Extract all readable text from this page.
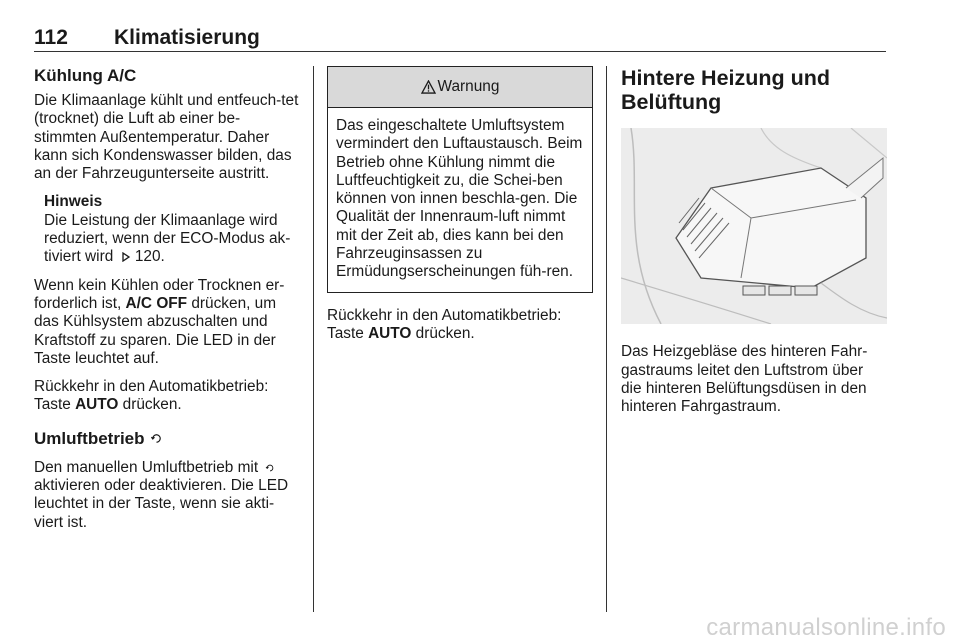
112 Klimatisierung
Kühlung A/C

Die Klimaanlage kühlt und entfeuch-tet (trocknet) die Luft ab einer be-stimmten Außentemperatur. Daher kann sich Kondenswasser bilden, das an der Fahrzeugunterseite austritt.

Hinweis

Die Leistung der Klimaanlage wird reduziert, wenn der ECO-Modus ak-tiviert wird  120.

Wenn kein Kühlen oder Trocknen er-forderlich ist, A/C OFF drücken, um das Kühlsystem abzuschalten und Kraftstoff zu sparen. Die LED in der Taste leuchtet auf.

Rückkehr in den Automatikbetrieb:
Taste AUTO drücken.

Umluftbetrieb

Den manuellen Umluftbetrieb mit  aktivieren oder deaktivieren. Die LED leuchtet in der Taste, wenn sie akti-viert ist.

Warnung
Das eingeschaltete Umluftsystem vermindert den Luftaustausch. Beim Betrieb ohne Kühlung nimmt die Luftfeuchtigkeit zu, die Schei-ben können von innen beschla-gen. Die Qualität der Innenraum-luft nimmt mit der Zeit ab, dies kann bei den Fahrzeuginsassen zu Ermüdungserscheinungen füh-ren.

Rückkehr in den Automatikbetrieb:
Taste AUTO drücken.

Hintere Heizung und Belüftung

Das Heizgebläse des hinteren Fahr-gastraums leitet den Luftstrom über die hinteren Belüftungsdüsen in den hinteren Fahrgastraum.

carmanualsonline.info
